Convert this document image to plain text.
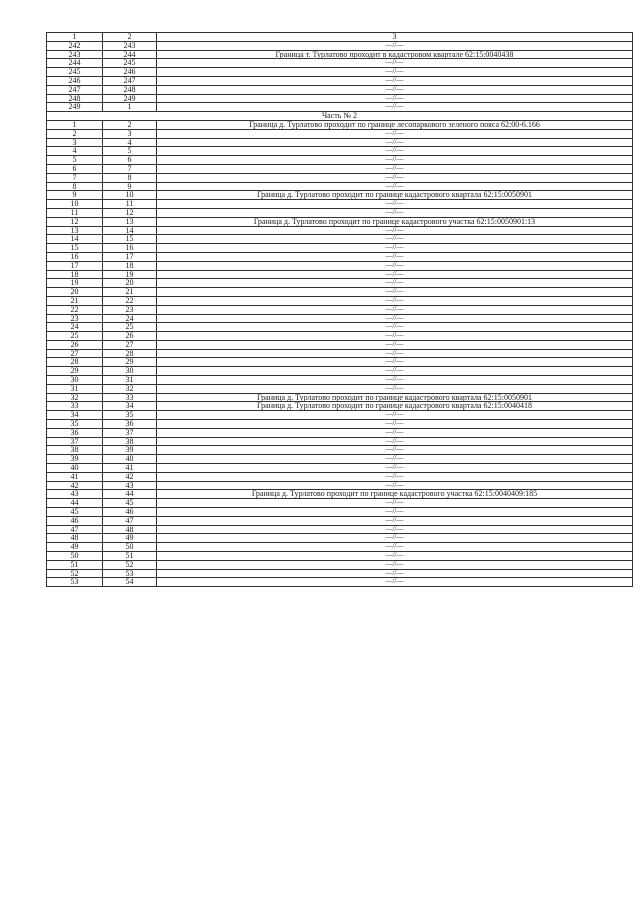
1	2	3
242	243	—//—
243	244	Граница т. Турлатово проходит в кадастровом квартале 62:15:0040438
244	245	—//—
245	246	—//—
246	247	—//—
247	248	—//—
248	249	—//—
249	1	—//—
Часть № 2		
1	2	Граница д. Турлатово проходит по границе лесопаркового зеленого пояса 62:00-6.166
2	3	—//—
3	4	—//—
4	5	—//—
5	6	—//—
6	7	—//—
7	8	—//—
8	9	—//—
9	10	Граница д. Турлатово проходит по границе кадастрового квартала 62:15:0050901
10	11	—//—
11	12	—//—
12	13	Граница д. Турлатово проходит по границе кадастрового участка 62:15:0050901:13
13	14	—//—
14	15	—//—
15	16	—//—
16	17	—//—
17	18	—//—
18	19	—//—
19	20	—//—
20	21	—//—
21	22	—//—
22	23	—//—
23	24	—//—
24	25	—//—
25	26	—//—
26	27	—//—
27	28	—//—
28	29	—//—
29	30	—//—
30	31	—//—
31	32	—//—
32	33	Граница д. Турлатово проходит по границе кадастрового квартала 62:15:0050901
33	34	Граница д. Турлатово проходит по границе кадастрового квартала 62:15:0040418
34	35	—//—
35	36	—//—
36	37	—//—
37	38	—//—
38	39	—//—
39	40	—//—
40	41	—//—
41	42	—//—
42	43	—//—
43	44	Граница д. Турлатово проходит по границе кадастрового участка 62:15:0040409:185
44	45	—//—
45	46	—//—
46	47	—//—
47	48	—//—
48	49	—//—
49	50	—//—
50	51	—//—
51	52	—//—
52	53	—//—
53	54	—//—
